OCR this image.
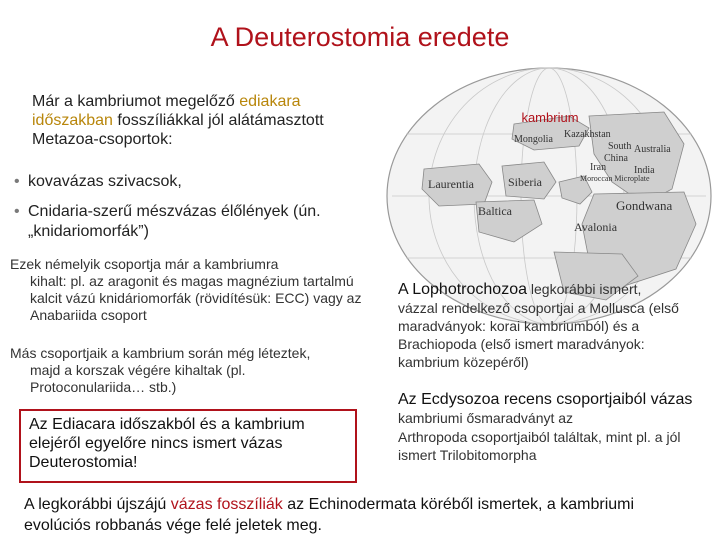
A Deuterostomia eredete
Már a kambriumot megelőző ediakara időszakban fosszíliákkal jól alátámasztott Metazoa-csoportok:
• kovavázas szivacsok,
• Cnidaria-szerű mészvázas élőlények (ún. „knidariomorfák”)
Ezek némelyik csoportja már a kambriumra
kihalt: pl. az aragonit és magas magnézium tartalmú kalcit vázú knidáriomorfák (rövidítésük: ECC) vagy az Anabariida csoport
Más csoportjaik a kambrium során még léteztek,
majd a korszak végére kihaltak (pl. Protoconulariida… stb.)
Az Ediacara időszakból és a kambrium elejéről egyelőre nincs ismert vázas Deuterostomia!
Kazakhstan
Mongolia
Australia
South
China
India
Iran
Moroccan Microplate
Laurentia	Siberia
Baltica	Gondwana
Avalonia
kambrium
A Lophotrochozoa legkorábbi ismert,
vázzal rendelkező csoportjai a Mollusca (első maradványok: korai kambriumból) és a Brachiopoda (első ismert maradványok: kambrium közepéről)
Az Ecdysozoa recens csoportjaiból vázas kambriumi ősmaradványt az
Arthropoda csoportjaiból találtak, mint pl. a jól ismert Trilobitomorpha
A legkorábbi újszájú vázas fosszíliák az Echinodermata köréből ismertek, a kambriumi evolúciós robbanás vége felé jeletek meg.
